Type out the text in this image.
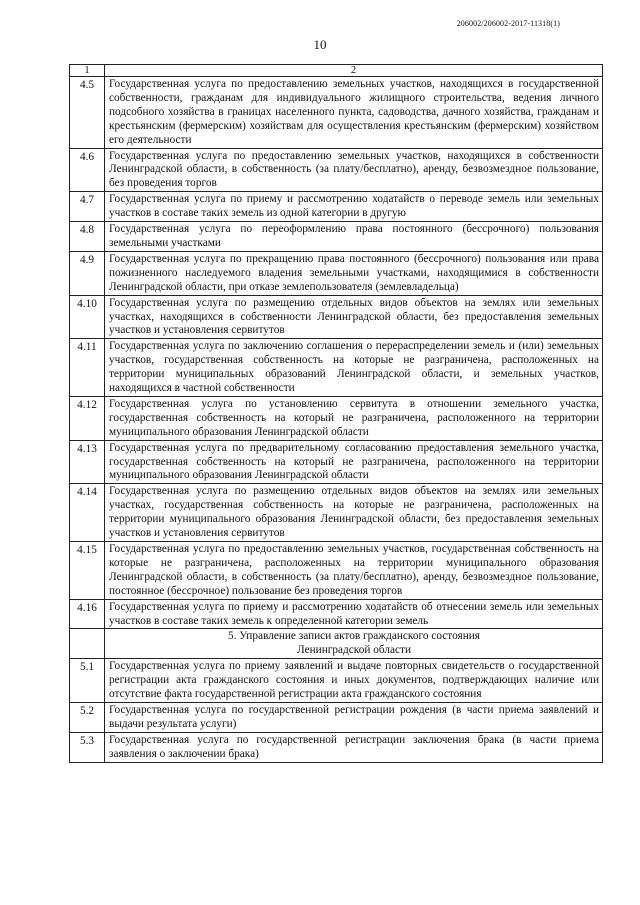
206002/206002-2017-11318(1)
10
1	2
4.5	Государственная услуга по предоставлению земельных участков, находящихся в государственной собственности, гражданам для индивидуального жилищного строительства, ведения личного подсобного хозяйства в границах населенного пункта, садоводства, дачного хозяйства, гражданам и крестьянским (фермерским) хозяйствам для осуществления крестьянским (фермерским) хозяйством его деятельности
4.6	Государственная услуга по предоставлению земельных участков, находящихся в собственности Ленинградской области, в собственность (за плату/бесплатно), аренду, безвозмездное пользование, без проведения торгов
4.7	Государственная услуга по приему и рассмотрению ходатайств о переводе земель или земельных участков в составе таких земель из одной категории в другую
4.8	Государственная услуга по переоформлению права постоянного (бессрочного) пользования земельными участками
4.9	Государственная услуга по прекращению права постоянного (бессрочного) пользования или права пожизненного наследуемого владения земельными участками, находящимися в собственности Ленинградской области, при отказе землепользователя (землевладельца)
4.10	Государственная услуга по размещению отдельных видов объектов на землях или земельных участках, находящихся в собственности Ленинградской области, без предоставления земельных участков и установления сервитутов
4.11	Государственная услуга по заключению соглашения о перераспределении земель и (или) земельных участков, государственная собственность на которые не разграничена, расположенных на территории муниципальных образований Ленинградской области, и земельных участков, находящихся в частной собственности
4.12	Государственная услуга по установлению сервитута в отношении земельного участка, государственная собственность на который не разграничена, расположенного на территории муниципального образования Ленинградской области
4.13	Государственная услуга по предварительному согласованию предоставления земельного участка, государственная собственность на который не разграничена, расположенного на территории муниципального образования Ленинградской области
4.14	Государственная услуга по размещению отдельных видов объектов на землях или земельных участках, государственная собственность на которые не разграничена, расположенных на территории муниципального образования Ленинградской области, без предоставления земельных участков и установления сервитутов
4.15	Государственная услуга по предоставлению земельных участков, государственная собственность на которые не разграничена, расположенных на территории муниципального образования Ленинградской области, в собственность (за плату/бесплатно), аренду, безвозмездное пользование, постоянное (бессрочное) пользование без проведения торгов
4.16	Государственная услуга по приему и рассмотрению ходатайств об отнесении земель или земельных участков в составе таких земель к определенной категории земель

	5. Управление записи актов гражданского состояния
Ленинградской области

5.1	Государственная услуга по приему заявлений и выдаче повторных свидетельств о государственной регистрации акта гражданского состояния и иных документов, подтверждающих наличие или отсутствие факта государственной регистрации акта гражданского состояния
5.2	Государственная услуга по государственной регистрации рождения (в части приема заявлений и выдачи результата услуги)
5.3	Государственная услуга по государственной регистрации заключения брака (в части приема заявления о заключении брака)
